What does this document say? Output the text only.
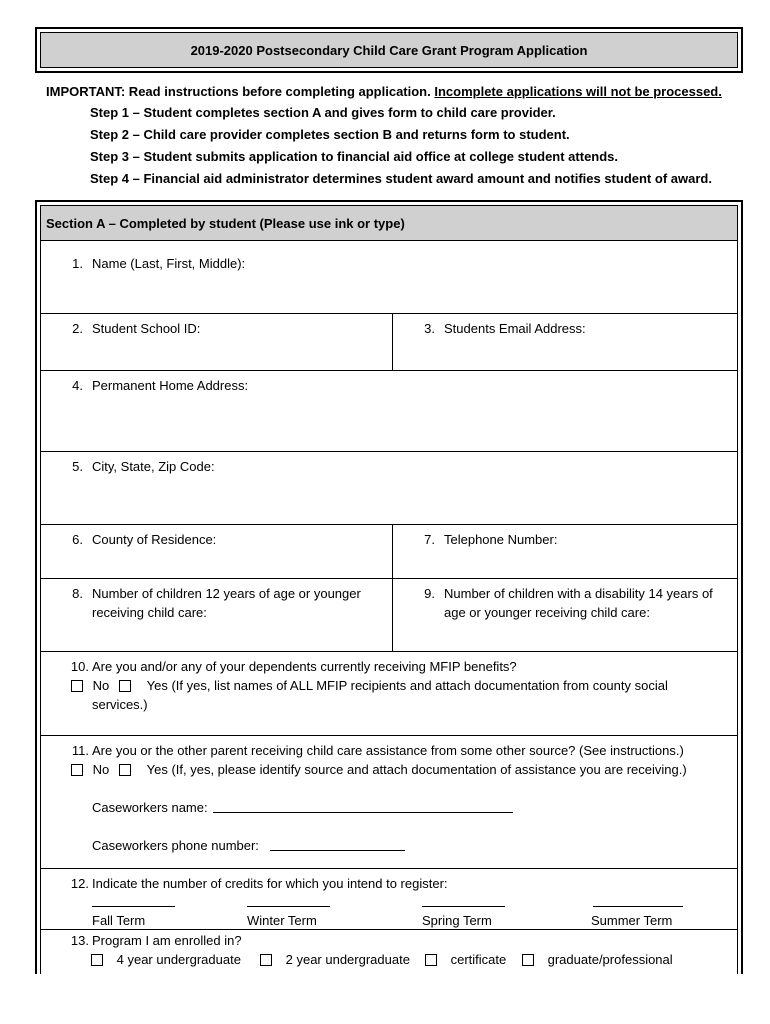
2019-2020 Postsecondary Child Care Grant Program Application
IMPORTANT: Read instructions before completing application. Incomplete applications will not be processed.
Step 1 – Student completes section A and gives form to child care provider.
Step 2 – Child care provider completes section B and returns form to student.
Step 3 – Student submits application to financial aid office at college student attends.
Step 4 – Financial aid administrator determines student award amount and notifies student of award.
Section A – Completed by student (Please use ink or type)
1. Name (Last, First, Middle):
2. Student School ID:	3. Students Email Address:
4. Permanent Home Address:
5. City, State, Zip Code:
6. County of Residence:	7. Telephone Number:
8. Number of children 12 years of age or younger
receiving child care:
9. Number of children with a disability 14 years of
age or younger receiving child care:
10. Are you and/or any of your dependents currently receiving MFIP benefits?
No	Yes (If yes, list names of ALL MFIP recipients and attach documentation from county social
services.)
11. Are you or the other parent receiving child care assistance from some other source? (See instructions.)
No	Yes (If, yes, please identify source and attach documentation of assistance you are receiving.)
Caseworkers name:
Caseworkers phone number:
12. Indicate the number of credits for which you intend to register:
Fall Term	Winter Term	Spring Term	Summer Term
13. Program I am enrolled in?
4 year undergraduate	2 year undergraduate	certificate	graduate/professional
